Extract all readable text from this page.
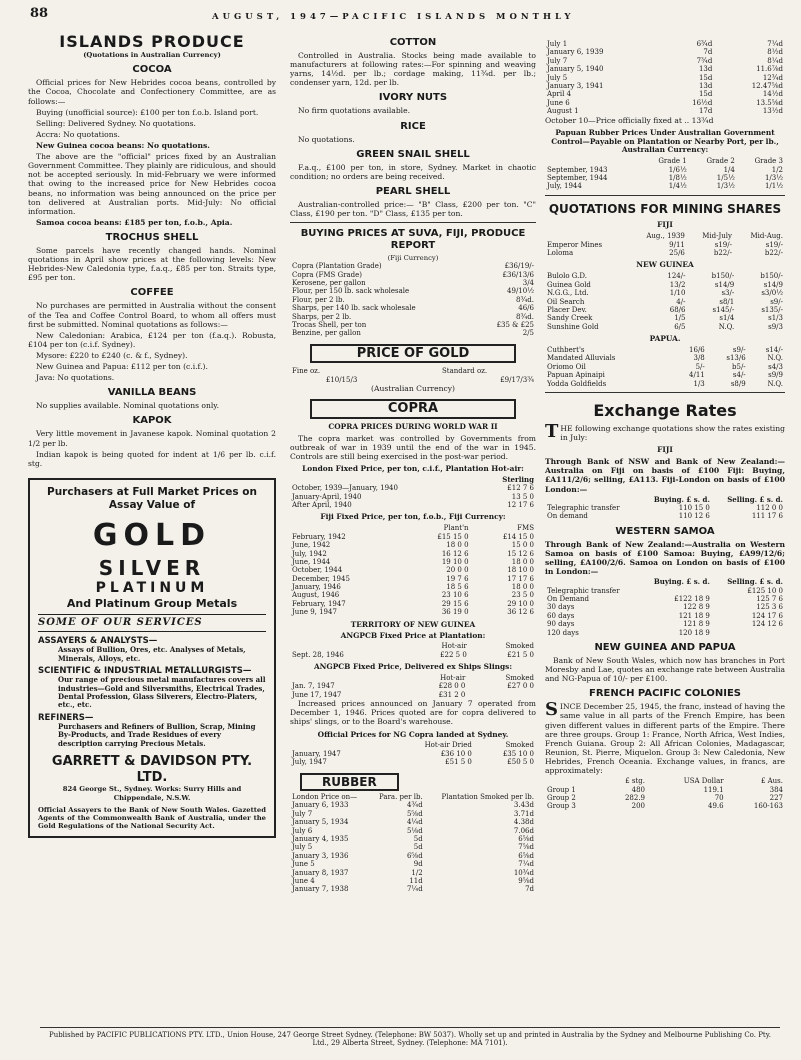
88	AUGUST, 1947—PACIFIC ISLANDS MONTHLY
ISLANDS PRODUCE
(Quotations in Australian Currency)
COCOA

Official prices for New Hebrides cocoa beans, controlled by the Cocoa, Chocolate and Confectionery Committee, are as follows:—

Buying (unofficial source): £100 per ton f.o.b. Island port.

Selling: Delivered Sydney. No quotations.

Accra: No quotations.

New Guinea cocoa beans: No quotations.

The above are the "official" prices fixed by an Australian Government Committee. They plainly are ridiculous, and should not be accepted seriously. In mid-February we were informed that owing to the increased price for New Hebrides cocoa beans, no information was being announced on the price per ton delivered at Australian ports. Mid-July: No official information.

Samoa cocoa beans: £185 per ton, f.o.b., Apia.

TROCHUS SHELL

Some parcels have recently changed hands. Nominal quotations in April show prices at the following levels: New Hebrides-New Caledonia type, f.a.q., £85 per ton. Straits type, £95 per ton.

COFFEE

No purchases are permitted in Australia without the consent of the Tea and Coffee Control Board, to whom all offers must first be submitted. Nominal quotations as follows:—

New Caledonian: Arabica, £124 per ton (f.a.q.). Robusta, £104 per ton (c.i.f. Sydney).

Mysore: £220 to £240 (c. & f., Sydney).

New Guinea and Papua: £112 per ton (c.i.f.).

Java: No quotations.

VANILLA BEANS

No supplies available. Nominal quotations only.

KAPOK

Very little movement in Javanese kapok. Nominal quotation 2 1/2 per lb.

Indian kapok is being quoted for indent at 1/6 per lb. c.i.f. stg.

Purchasers at Full Market Prices on Assay Value of
GOLD
SILVER
PLATINUM
And Platinum Group Metals
SOME OF OUR SERVICES
ASSAYERS & ANALYSTS—
Assays of Bullion, Ores, etc. Analyses of Metals, Minerals, Alloys, etc.
SCIENTIFIC & INDUSTRIAL METALLURGISTS—
Our range of precious metal manufactures covers all industries—Gold and Silversmiths, Electrical Trades, Dental Profession, Glass Silverers, Electro-Platers, etc., etc.
REFINERS—
Purchasers and Refiners of Bullion, Scrap, Mining By-Products, and Trade Residues of every description carrying Precious Metals.
GARRETT & DAVIDSON PTY. LTD.
824 George St., Sydney. Works: Surry Hills and Chippendale, N.S.W.
Official Assayers to the Bank of New South Wales. Gazetted Agents of the Commonwealth Bank of Australia, under the Gold Regulations of the National Security Act.
COTTON

Controlled in Australia. Stocks being made available to manufacturers at following rates:—For spinning and weaving yarns, 14½d. per lb.; cordage making, 11¾d. per lb.; condenser yarn, 12d. per lb.

IVORY NUTS

No firm quotations available.

RICE

No quotations.

GREEN SNAIL SHELL

F.a.q., £100 per ton, in store, Sydney. Market in chaotic condition; no orders are being received.

PEARL SHELL

Australian-controlled price:— "B" Class, £200 per ton. "C" Class, £190 per ton. "D" Class, £135 per ton.

BUYING PRICES AT SUVA, FIJI, PRODUCE REPORT
(Fiji Currency)
Copra (Plantation Grade)	£36/19/-
Copra (FMS Grade)	£36/13/6
Kerosene, per gallon	3/4
Flour, per 150 lb. sack wholesale	49/10½
Flour, per 2 lb.	8¾d.
Sharps, per 140 lb. sack wholesale	46/6
Sharps, per 2 lb.	8¾d.
Trocas Shell, per ton	£35 & £25
Benzine, per gallon	2/5
PRICE OF GOLD
Fine oz.	Standard oz.
£10/15/3	£9/17/3¾
(Australian Currency)
COPRA
COPRA PRICES DURING WORLD WAR II

The copra market was controlled by Governments from outbreak of war in 1939 until the end of the war in 1945. Controls are still being exercised in the post-war period.

London Fixed Price, per ton, c.i.f., Plantation Hot-air:
	Sterling
October, 1939—January, 1940	£12 7 6
January-April, 1940	13 5 0
After April, 1940	12 17 6
Fiji Fixed Price, per ton, f.o.b., Fiji Currency:
	Plant'n	FMS
February, 1942	£15 15 0	£14 15 0
June, 1942	18 0 0	15 0 0
July, 1942	16 12 6	15 12 6
June, 1944	19 10 0	18 0 0
October, 1944	20 0 0	18 10 0
December, 1945	19 7 6	17 17 6
January, 1946	18 5 6	18 0 0
August, 1946	23 10 6	23 5 0
February, 1947	29 15 6	29 10 0
June 9, 1947	36 19 0	36 12 6
TERRITORY OF NEW GUINEA
ANGPCB Fixed Price at Plantation:
	Hot-air	Smoked
Sept. 28, 1946	£22 5 0	£21 5 0
ANGPCB Fixed Price, Delivered ex Ships Slings:
	Hot-air	Smoked
Jan. 7, 1947	£28 0 0	£27 0 0
June 17, 1947	£31 2 0	

Increased prices announced on January 7 operated from December 1, 1946. Prices quoted are for copra delivered to ships' slings, or to the Board's warehouse.

Official Prices for NG Copra landed at Sydney.
	Hot-air Dried	Smoked
January, 1947	£36 10 0	£35 10 0
July, 1947	£51 5 0	£50 5 0
RUBBER
London Price on—	Para. per lb.	Plantation Smoked per lb.
January 6, 1933	4¾d	3.43d
July 7	5⅝d	3.71d
January 5, 1934	4¼d	4.38d
July 6	5⅛d	7.06d
January 4, 1935	5d	6⅝d
July 5	5d	7⅝d
January 3, 1936	6⅝d	6⅝d
June 5	9d	7¼d
January 8, 1937	1/2	10¾d
June 4	11d	9⅝d
January 7, 1938	7¼d	7d
July 1	6¾d	7¼d
January 6, 1939	7d	8½d
July 7	7¾d	8¼d
January 5, 1940	13d	11.6⅞d
July 5	15d	12¾d
January 3, 1941	13d	12.47⅝d
April 4	15d	14½d
June 6	16½d	13.5⅝d
August 1	17d	13½d
October 10—Price officially fixed at .. 13¾d
Papuan Rubber Prices Under Australian Government Control—Payable on Plantation or Nearby Port, per lb., Australian Currency:
	Grade 1	Grade 2	Grade 3
September, 1943	1/6½	1/4	1/2
September, 1944	1/8½	1/5½	1/3½
July, 1944	1/4½	1/3½	1/1½
QUOTATIONS FOR MINING SHARES
FIJI
	Aug., 1939	Mid-July	Mid-Aug.
Emperor Mines	9/11	s19/-	s19/-
Loloma	25/6	b22/-	b22/-
NEW GUINEA
Bulolo G.D.	124/-	b150/-	b150/-
Guinea Gold	13/2	s14/9	s14/9
N.G.G., Ltd.	1/10	s3/-	s3/0½
Oil Search	4/-	s8/1	s9/-
Placer Dev.	68/6	s145/-	s135/-
Sandy Creek	1/5	s1/4	s1/3
Sunshine Gold	6/5	N.Q.	s9/3
PAPUA.
Cuthbert's	16/6	s9/-	s14/-
Mandated Alluvials	3/8	s13/6	N.Q.
Oriomo Oil	5/-	b5/-	s4/3
Papuan Apinaipi	4/11	s4/-	s9/9
Yodda Goldfields	1/3	s8/9	N.Q.
Exchange Rates

THE following exchange quotations show the rates existing in July:

FIJI

Through Bank of NSW and Bank of New Zealand:—Australia on Fiji on basis of £100 Fiji: Buying, £A111/2/6; selling, £A113. Fiji-London on basis of £100 London:—

	Buying. £ s. d.	Selling. £ s. d.
Telegraphic transfer	110 15 0	112 0 0
On demand	110 12 6	111 17 6
WESTERN SAMOA

Through Bank of New Zealand:—Australia on Western Samoa on basis of £100 Samoa: Buying, £A99/12/6; selling, £A100/2/6. Samoa on London on basis of £100 in London:—

	Buying. £ s. d.	Selling. £ s. d.
Telegraphic transfer		£125 10 0
On Demand	£122 18 9	125 7 6
30 days	122 8 9	125 3 6
60 days	121 18 9	124 17 6
90 days	121 8 9	124 12 6
120 days	120 18 9	
NEW GUINEA AND PAPUA

Bank of New South Wales, which now has branches in Port Moresby and Lae, quotes an exchange rate between Australia and NG-Papua of 10/- per £100.

FRENCH PACIFIC COLONIES

SINCE December 25, 1945, the franc, instead of having the same value in all parts of the French Empire, has been given different values in different parts of the Empire. There are three groups. Group 1: France, North Africa, West Indies, French Guiana. Group 2: All African Colonies, Madagascar, Reunion, St. Pierre, Miquelon. Group 3: New Caledonia, New Hebrides, French Oceania. Exchange values, in francs, are approximately:

	£ stg.	USA Dollar	£ Aus.
Group 1	480	119.1	384
Group 2	282.9	70	227
Group 3	200	49.6	160-163
Published by PACIFIC PUBLICATIONS PTY. LTD., Union House, 247 George Street Sydney. (Telephone: BW 5037). Wholly set up and printed in Australia by the Sydney and Melbourne Publishing Co. Pty. Ltd., 29 Alberta Street, Sydney. (Telephone: MA 7101).
